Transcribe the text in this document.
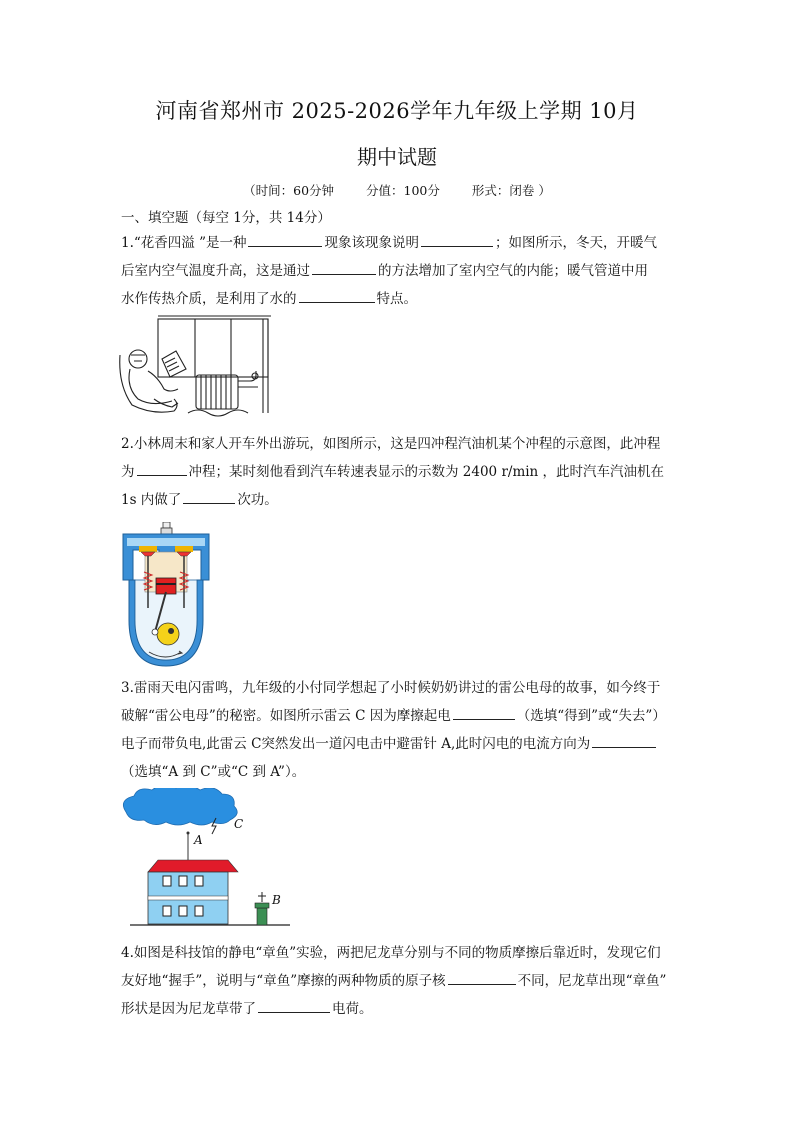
河南省郑州市 2025-2026学年九年级上学期 10月
期中试题
（时间：60分钟	分值：100分	形式：闭卷 ）
一、填空题（每空 1分，共 14分）
1.“花香四溢 ”是一种	现象该现象说明	；如图所示，冬天，开暖气
后室内空气温度升高，这是通过	的方法增加了室内空气的内能；暖气管道中用
水作传热介质，是利用了水的	特点。
2.小林周末和家人开车外出游玩，如图所示，这是四冲程汽油机某个冲程的示意图，此冲程
为	冲程；某时刻他看到汽车转速表显示的示数为 2400 r/min ，此时汽车汽油机在
1s 内做了	次功。
3.雷雨天电闪雷鸣，九年级的小付同学想起了小时候奶奶讲过的雷公电母的故事，如今终于
破解“雷公电母”的秘密。如图所示雷云 C 因为摩擦起电	（选填“得到”或“失去”）
电子而带负电,此雷云 C突然发出一道闪电击中避雷针 A,此时闪电的电流方向为
（选填“A 到 C”或“C 到 A”）。
C
A
B
4.如图是科技馆的静电“章鱼”实验，两把尼龙草分别与不同的物质摩擦后靠近时，发现它们
友好地“握手”，说明与“章鱼”摩擦的两种物质的原子核	不同，尼龙草出现“章鱼”
形状是因为尼龙草带了	电荷。
